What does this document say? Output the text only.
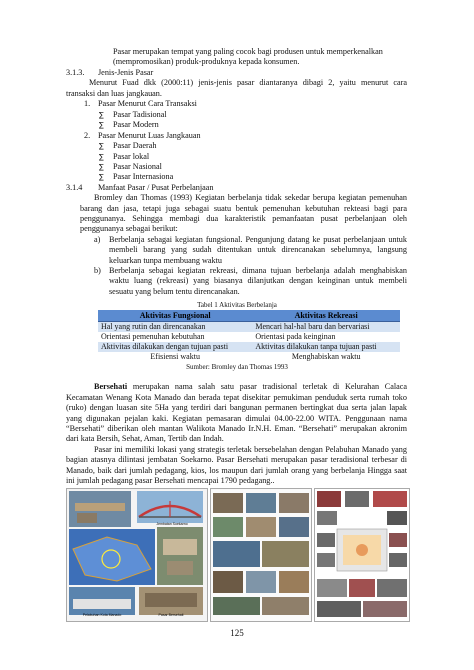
Pasar merupakan tempat yang paling cocok bagi produsen untuk memperkenalkan
(mempromosikan) produk-produknya kepada konsumen.
3.1.3. Jenis-Jenis Pasar
Menurut Fuad dkk (2000:11) jenis-jenis pasar diantaranya dibagi 2, yaitu menurut cara
transaksi dan luas jangkauan.
1. Pasar Menurut Cara Transaksi
∑ Pasar Tadisional
∑ Pasar Modern
2. Pasar Menurut Luas Jangkauan
∑ Pasar Daerah
∑ Pasar lokal
∑ Pasar Nasional
∑ Pasar Internasiona
3.1.4 Manfaat Pasar / Pusat Perbelanjaan
Bromley dan Thomas (1993) Kegiatan berbelanja tidak sekedar berupa kegiatan pemenuhan
barang dan jasa, tetapi juga sebagai suatu bentuk pemenuhan kebutuhan rekteasi bagi para
penggunanya. Sehingga membagi dua karakteristik pemanfaatan pusat perbelanjaan oleh
penggunanya sebagai berikut:
a) Berbelanja sebagai kegiatan fungsional. Pengunjung datang ke pusat perbelanjaan untuk
membeli barang yang sudah ditentukan untuk direncanakan sebelumnya, langsung
keluarkan tunpa membuang waktu
b) Berbelanja sebagai kegiatan rekreasi, dimana tujuan berbelanja adalah menghabiskan
waktu luang (rekreasi) yang biasanya dilanjutkan dengan keinginan untuk membeli
sesuatu yang belum tentu direncanakan.
Tabel 1 Aktivitas Berbelanja
Aktivitas Fungsional	Aktivitas Rekreasi
Hal yang rutin dan direncanakan	Mencari hal-hal baru dan bervariasi
Orientasi pemenuhan kebutuhan	Orientasi pada keinginan
Aktivitas dilakukan dengan tujuan pasti	Aktivitas dilakukan tanpa tujuan pasti
Efisiensi waktu	Menghabiskan waktu
Sumber: Bromley dan Thomas 1993
Bersehati merupakan nama salah satu pasar tradisional terletak di Kelurahan Calaca
Kecamatan Wenang Kota Manado dan berada tepat disekitar pemukiman penduduk serta rumah toko
(ruko) dengan luasan site 5Ha yang terdiri dari bangunan permanen bertingkat dua serta jalan lapak
yang digunakan pejalan kaki. Kegiatan pemasaran dimulai 04.00-22.00 WITA. Penggunaan nama
“Bersehati” diberikan oleh mantan Walikota Manado Ir.N.H. Eman. “Bersehati” merupakan akronim
dari kata Bersih, Sehat, Aman, Tertib dan Indah.
Pasar ini memiliki lokasi yang strategis terletak bersebelahan dengan Pelabuhan Manado yang
bagian atasnya dilintasi jembatan Soekarno. Pasar Bersehati merupakan pasar teradisional terbesar di
Manado, baik dari jumlah pedagang, kios, los maupun dari jumlah orang yang berbelanja Hingga saat
ini jumlah pedagang pasar Bersehati mencapai 1790 pedagang..
Jembatan Soekarno
Pelabuhan Kota Manado	Pasar Bersehati
125
